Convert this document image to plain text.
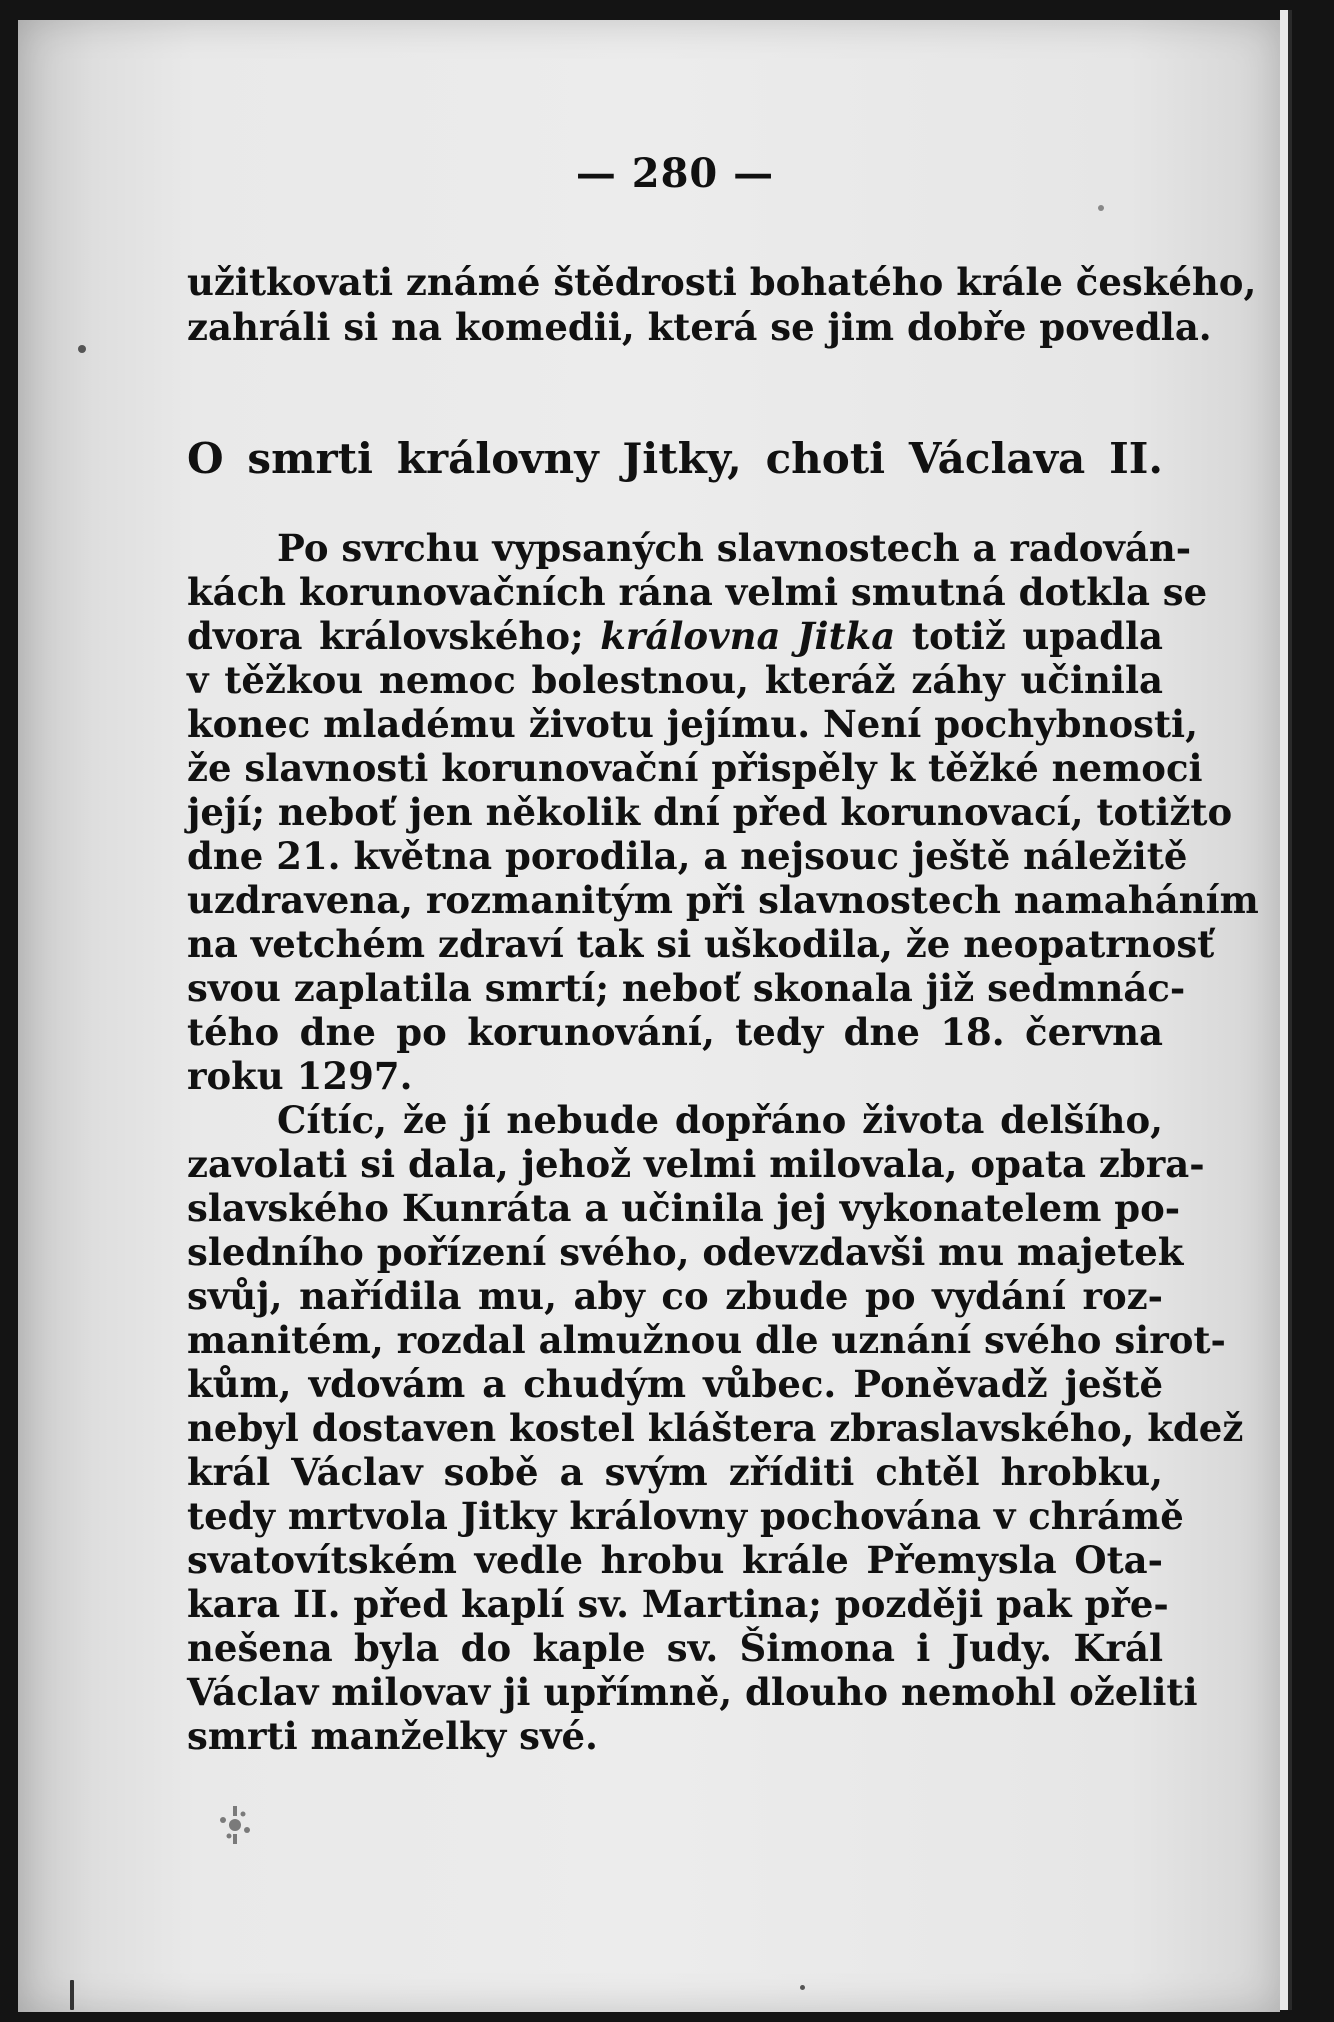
— 280 —
užitkovati známé štědrosti bohatého krále českého,
zahráli si na komedii, která se jim dobře povedla.
O smrti královny Jitky, choti Václava II.
Po svrchu vypsaných slavnostech a radován-
kách korunovačních rána velmi smutná dotkla se
dvora královského; královna Jitka totiž upadla
v těžkou nemoc bolestnou, kteráž záhy učinila
konec mladému životu jejímu. Není pochybnosti,
že slavnosti korunovační přispěly k těžké nemoci
její; neboť jen několik dní před korunovací, totižto
dne 21. května porodila, a nejsouc ještě náležitě
uzdravena, rozmanitým při slavnostech namaháním
na vetchém zdraví tak si uškodila, že neopatrnosť
svou zaplatila smrtí; neboť skonala již sedmnác-
tého dne po korunování, tedy dne 18. června
roku 1297.
Cítíc, že jí nebude dopřáno života delšího,
zavolati si dala, jehož velmi milovala, opata zbra-
slavského Kunráta a učinila jej vykonatelem po-
sledního pořízení svého, odevzdavši mu majetek
svůj, nařídila mu, aby co zbude po vydání roz-
manitém, rozdal almužnou dle uznání svého sirot-
kům, vdovám a chudým vůbec. Poněvadž ještě
nebyl dostaven kostel kláštera zbraslavského, kdež
král Václav sobě a svým zříditi chtěl hrobku,
tedy mrtvola Jitky královny pochována v chrámě
svatovítském vedle hrobu krále Přemysla Ota-
kara II. před kaplí sv. Martina; později pak pře-
nešena byla do kaple sv. Šimona i Judy. Král
Václav milovav ji upřímně, dlouho nemohl oželiti
smrti manželky své.
